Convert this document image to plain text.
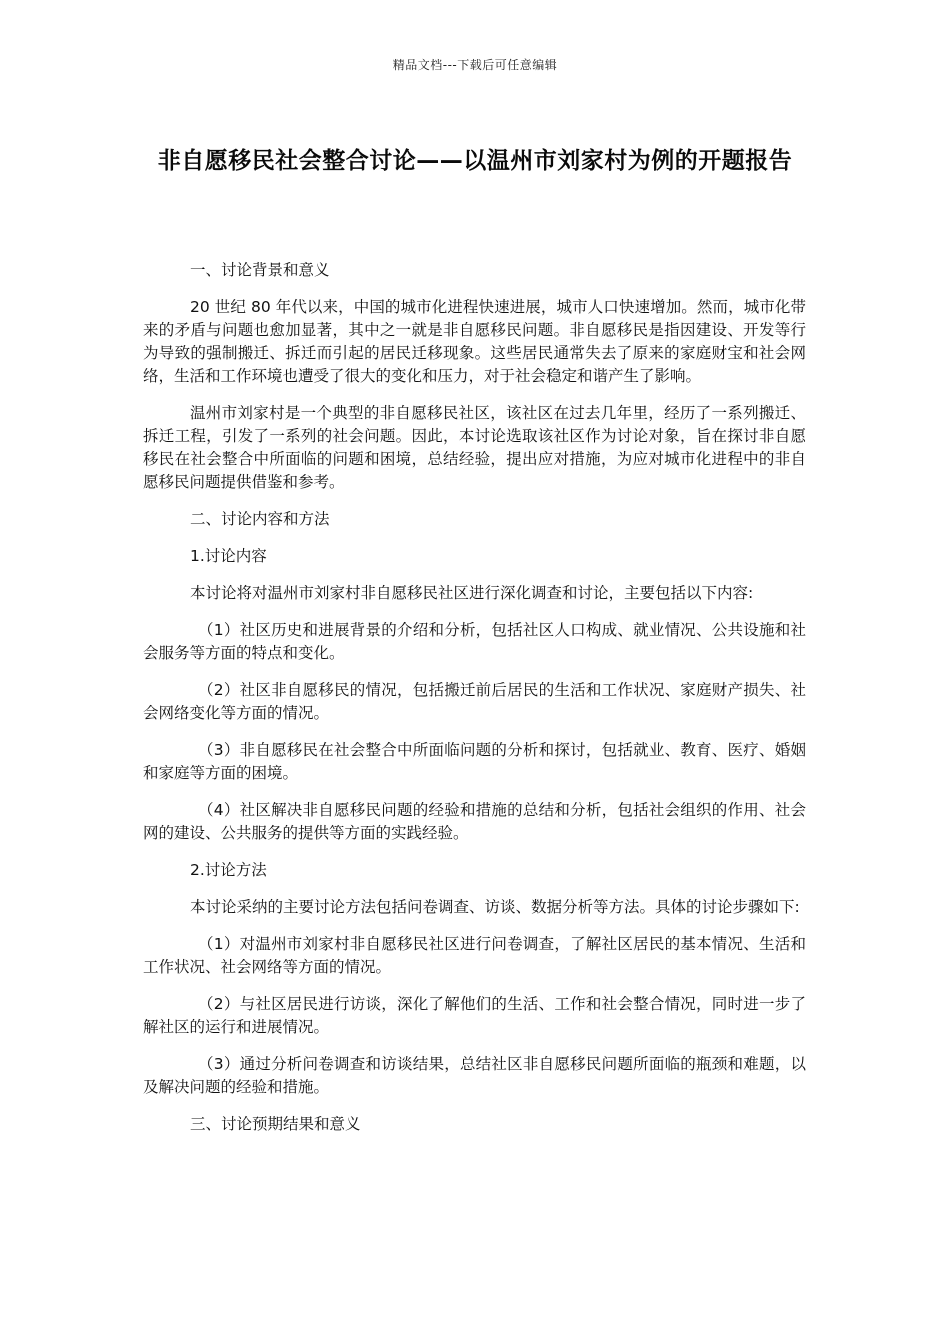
精品文档---下载后可任意编辑
非自愿移民社会整合讨论——以温州市刘家村为例的开题报告

一、讨论背景和意义

20 世纪 80 年代以来，中国的城市化进程快速进展，城市人口快速增加。然而，城市化带来的矛盾与问题也愈加显著，其中之一就是非自愿移民问题。非自愿移民是指因建设、开发等行为导致的强制搬迁、拆迁而引起的居民迁移现象。这些居民通常失去了原来的家庭财宝和社会网络，生活和工作环境也遭受了很大的变化和压力，对于社会稳定和谐产生了影响。

温州市刘家村是一个典型的非自愿移民社区，该社区在过去几年里，经历了一系列搬迁、拆迁工程，引发了一系列的社会问题。因此，本讨论选取该社区作为讨论对象，旨在探讨非自愿移民在社会整合中所面临的问题和困境，总结经验，提出应对措施，为应对城市化进程中的非自愿移民问题提供借鉴和参考。

二、讨论内容和方法

1.讨论内容

本讨论将对温州市刘家村非自愿移民社区进行深化调查和讨论，主要包括以下内容:

（1）社区历史和进展背景的介绍和分析，包括社区人口构成、就业情况、公共设施和社会服务等方面的特点和变化。

（2）社区非自愿移民的情况，包括搬迁前后居民的生活和工作状况、家庭财产损失、社会网络变化等方面的情况。

（3）非自愿移民在社会整合中所面临问题的分析和探讨，包括就业、教育、医疗、婚姻和家庭等方面的困境。

（4）社区解决非自愿移民问题的经验和措施的总结和分析，包括社会组织的作用、社会网的建设、公共服务的提供等方面的实践经验。

2.讨论方法

本讨论采纳的主要讨论方法包括问卷调查、访谈、数据分析等方法。具体的讨论步骤如下:

（1）对温州市刘家村非自愿移民社区进行问卷调查，了解社区居民的基本情况、生活和工作状况、社会网络等方面的情况。

（2）与社区居民进行访谈，深化了解他们的生活、工作和社会整合情况，同时进一步了解社区的运行和进展情况。

（3）通过分析问卷调查和访谈结果，总结社区非自愿移民问题所面临的瓶颈和难题，以及解决问题的经验和措施。

三、讨论预期结果和意义
